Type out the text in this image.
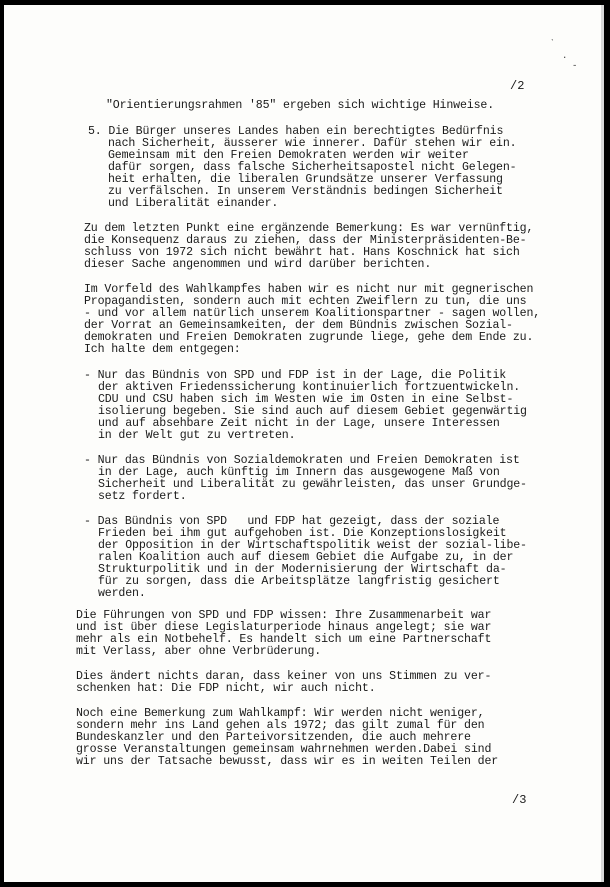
ˋ
.
-
/2
"Orientierungsrahmen '85" ergeben sich wichtige Hinweise.
5. Die Bürger unseres Landes haben ein berechtigtes Bedürfnis
nach Sicherheit, äusserer wie innerer. Dafür stehen wir ein.
Gemeinsam mit den Freien Demokraten werden wir weiter
dafür sorgen, dass falsche Sicherheitsapostel nicht Gelegen-
heit erhalten, die liberalen Grundsätze unserer Verfassung
zu verfälschen. In unserem Verständnis bedingen Sicherheit
und Liberalität einander.
Zu dem letzten Punkt eine ergänzende Bemerkung: Es war vernünftig,
die Konsequenz daraus zu ziehen, dass der Ministerpräsidenten-Be-
schluss von 1972 sich nicht bewährt hat. Hans Koschnick hat sich
dieser Sache angenommen und wird darüber berichten.
Im Vorfeld des Wahlkampfes haben wir es nicht nur mit gegnerischen
Propagandisten, sondern auch mit echten Zweiflern zu tun, die uns
- und vor allem natürlich unserem Koalitionspartner - sagen wollen,
der Vorrat an Gemeinsamkeiten, der dem Bündnis zwischen Sozial-
demokraten und Freien Demokraten zugrunde liege, gehe dem Ende zu.
Ich halte dem entgegen:
- Nur das Bündnis von SPD und FDP ist in der Lage, die Politik
der aktiven Friedenssicherung kontinuierlich fortzuentwickeln.
CDU und CSU haben sich im Westen wie im Osten in eine Selbst-
isolierung begeben. Sie sind auch auf diesem Gebiet gegenwärtig
und auf absehbare Zeit nicht in der Lage, unsere Interessen
in der Welt gut zu vertreten.
- Nur das Bündnis von Sozialdemokraten und Freien Demokraten ist
in der Lage, auch künftig im Innern das ausgewogene Maß von
Sicherheit und Liberalität zu gewährleisten, das unser Grundge-
setz fordert.
- Das Bündnis von SPD   und FDP hat gezeigt, dass der soziale
Frieden bei ihm gut aufgehoben ist. Die Konzeptionslosigkeit
der Opposition in der Wirtschaftspolitik weist der sozial-libe-
ralen Koalition auch auf diesem Gebiet die Aufgabe zu, in der
Strukturpolitik und in der Modernisierung der Wirtschaft da-
für zu sorgen, dass die Arbeitsplätze langfristig gesichert
werden.
Die Führungen von SPD und FDP wissen: Ihre Zusammenarbeit war
und ist über diese Legislaturperiode hinaus angelegt; sie war
mehr als ein Notbehelf. Es handelt sich um eine Partnerschaft
mit Verlass, aber ohne Verbrüderung.
Dies ändert nichts daran, dass keiner von uns Stimmen zu ver-
schenken hat: Die FDP nicht, wir auch nicht.
Noch eine Bemerkung zum Wahlkampf: Wir werden nicht weniger,
sondern mehr ins Land gehen als 1972; das gilt zumal für den
Bundeskanzler und den Parteivorsitzenden, die auch mehrere
grosse Veranstaltungen gemeinsam wahrnehmen werden.Dabei sind
wir uns der Tatsache bewusst, dass wir es in weiten Teilen der
/3
